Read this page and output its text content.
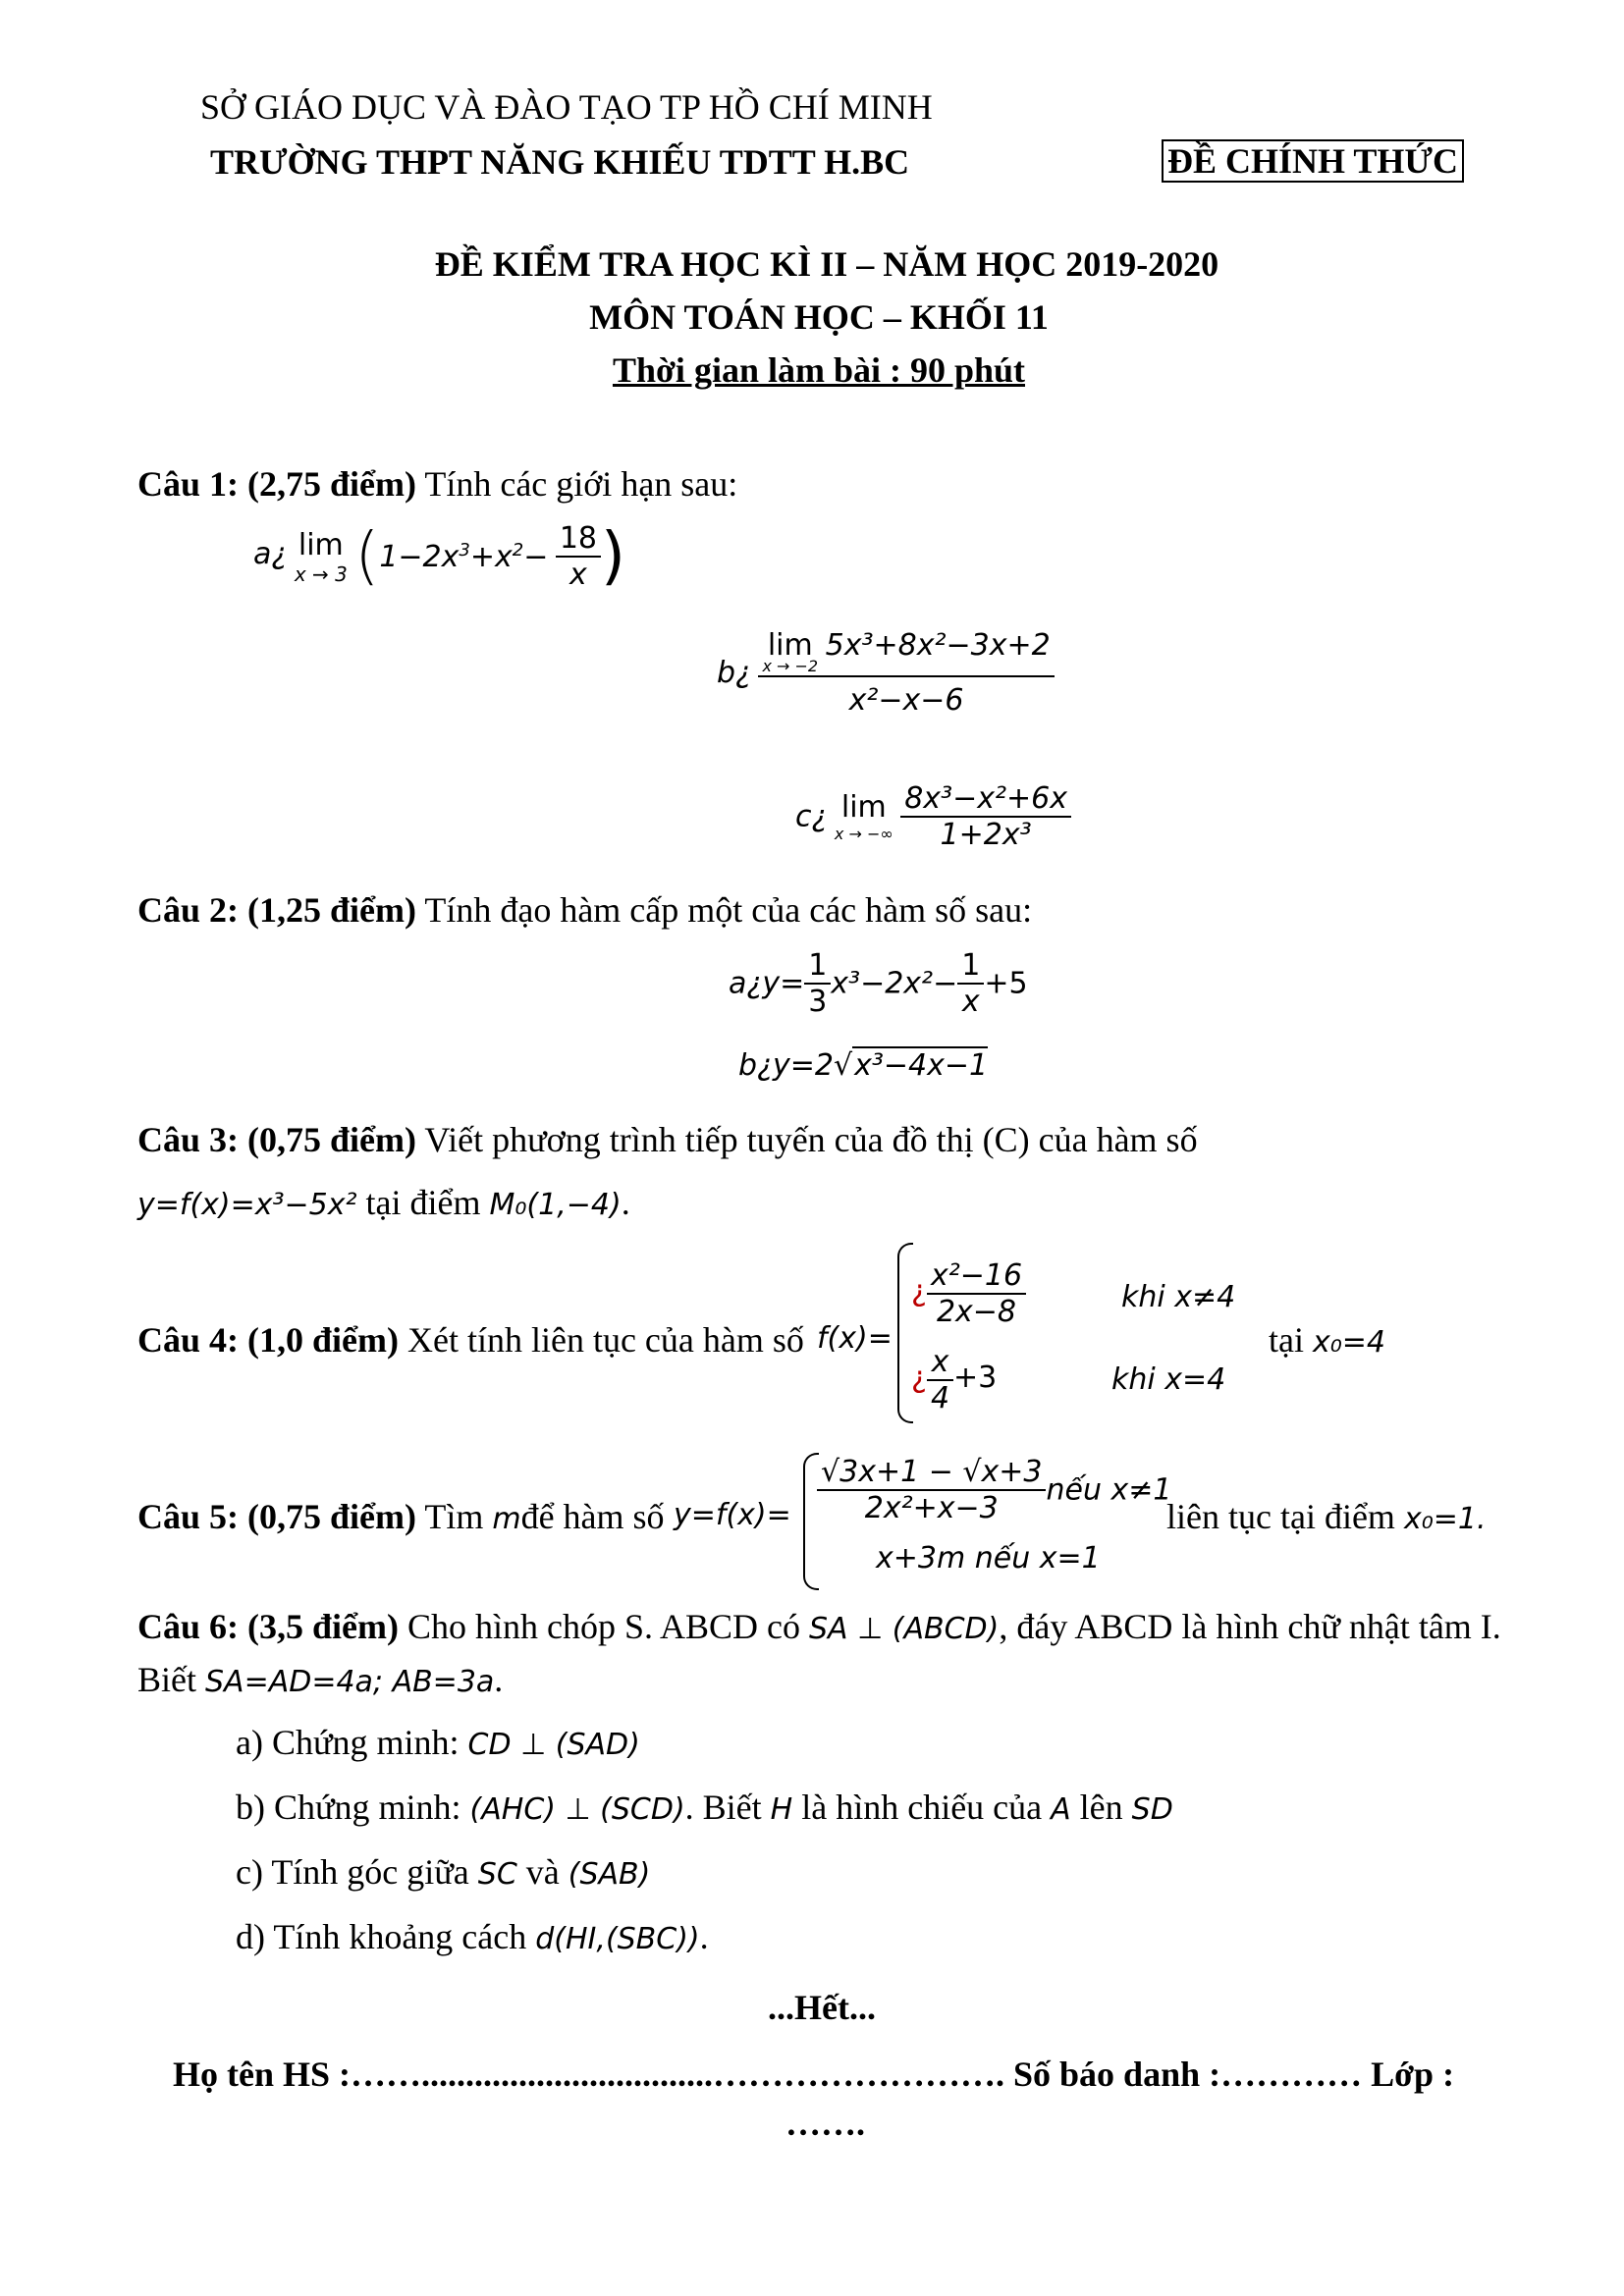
SỞ GIÁO DỤC VÀ ĐÀO TẠO TP HỒ CHÍ MINH
TRƯỜNG THPT NĂNG KHIẾU TDTT H.BC	ĐỀ CHÍNH THỨC
ĐỀ KIỂM TRA HỌC KÌ II – NĂM HỌC 2019-2020
MÔN TOÁN HỌC – KHỐI 11
Thời gian làm bài : 90 phút
Câu 1: (2,75 điểm) Tính các giới hạn sau:
a¿ lim
x → 3 ($1-2x^3+x^2- \frac{18}{x}$ )
b¿ lim
x → −2
5x³+8x²−3x+2
x²−x−6
c¿ lim
x → −∞
$\frac{\text{8x³−x²+6x}}{\text{1+2x³}}$
Câu 2: (1,25 điểm) Tính đạo hàm cấp một của các hàm số sau:
a¿y= $\frac{1}{3} x^3-2x^2- \frac{1}{x} +5$
b¿y=2√x³−4x−1
Câu 3: (0,75 điểm) Viết phương trình tiếp tuyến của đồ thị (C) của hàm số
y=f(x)=x³−5x² tại điểm M₀(1,−4).
Câu 4: (1,0 điểm) Xét tính liên tục của hàm số f(x)=
¿ $\frac{\text{x²−16}}{2x-8}$	khi x≠4
¿ $\frac{x}{4} +3$	khi x=4
tại x₀=4
Câu 5: (0,75 điểm) Tìm mđể hàm số $y=f(x)= \frac{√3x+1 - √x+3}{\text{2x²+x−3}}$ nếu x≠1
x+3m nếu x=1
liên tục tại điểm x₀=1.
Câu 6: (3,5 điểm) Cho hình chóp S. ABCD có SA ⊥ (ABCD), đáy ABCD là hình chữ nhật tâm I.
Biết SA=AD=4a; AB=3a.
a) Chứng minh: CD ⊥ (SAD)
b) Chứng minh: (AHC) ⊥ (SCD). Biết H là hình chiếu của A lên SD
c) Tính góc giữa SC và (SAB)
d) Tính khoảng cách d(HI,(SBC)).
...Hết...
Họ tên HS :…….................................……………………. Số báo danh :………… Lớp :
…….
